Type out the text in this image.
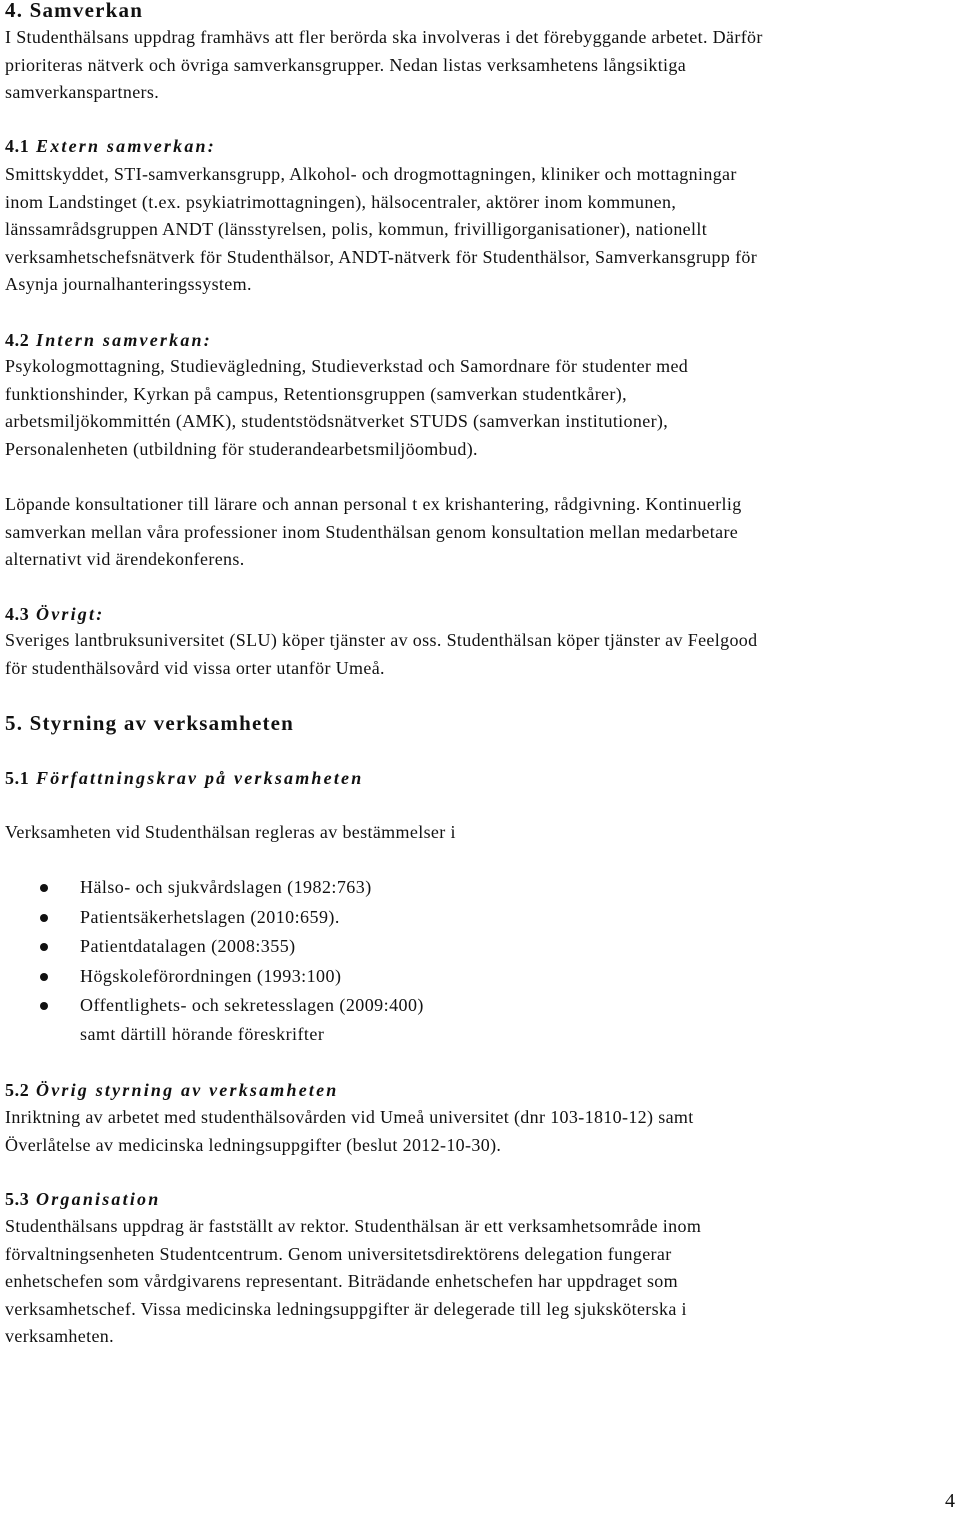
4. Samverkan
I Studenthälsans uppdrag framhävs att fler berörda ska involveras i det förebyggande arbetet. Därför
prioriteras nätverk och övriga samverkansgrupper. Nedan listas verksamhetens långsiktiga
samverkanspartners.
4.1 Extern samverkan:
Smittskyddet, STI-samverkansgrupp, Alkohol- och drogmottagningen, kliniker och mottagningar
inom Landstinget (t.ex. psykiatrimottagningen), hälsocentraler, aktörer inom kommunen,
länssamrådsgruppen ANDT (länsstyrelsen, polis, kommun, frivilligorganisationer), nationellt
verksamhetschefsnätverk för Studenthälsor, ANDT-nätverk för Studenthälsor, Samverkansgrupp för
Asynja journalhanteringssystem.
4.2 Intern samverkan:
Psykologmottagning, Studievägledning, Studieverkstad och Samordnare för studenter med
funktionshinder, Kyrkan på campus, Retentionsgruppen (samverkan studentkårer),
arbetsmiljökommittén (AMK), studentstödsnätverket STUDS (samverkan institutioner),
Personalenheten (utbildning för studerandearbetsmiljöombud).
Löpande konsultationer till lärare och annan personal t ex krishantering, rådgivning. Kontinuerlig
samverkan mellan våra professioner inom Studenthälsan genom konsultation mellan medarbetare
alternativt vid ärendekonferens.
4.3 Övrigt:
Sveriges lantbruksuniversitet (SLU) köper tjänster av oss. Studenthälsan köper tjänster av Feelgood
för studenthälsovård vid vissa orter utanför Umeå.
5. Styrning av verksamheten
5.1 Författningskrav på verksamheten
Verksamheten vid Studenthälsan regleras av bestämmelser i
Hälso- och sjukvårdslagen (1982:763)
Patientsäkerhetslagen (2010:659).
Patientdatalagen (2008:355)
Högskoleförordningen (1993:100)
Offentlighets- och sekretesslagen (2009:400)
samt därtill hörande föreskrifter
5.2 Övrig styrning av verksamheten
Inriktning av arbetet med studenthälsovården vid Umeå universitet (dnr 103-1810-12) samt
Överlåtelse av medicinska ledningsuppgifter (beslut 2012-10-30).
5.3 Organisation
Studenthälsans uppdrag är fastställt av rektor. Studenthälsan är ett verksamhetsområde inom
förvaltningsenheten Studentcentrum. Genom universitetsdirektörens delegation fungerar
enhetschefen som vårdgivarens representant. Biträdande enhetschefen har uppdraget som
verksamhetschef. Vissa medicinska ledningsuppgifter är delegerade till leg sjuksköterska i
verksamheten.
4
